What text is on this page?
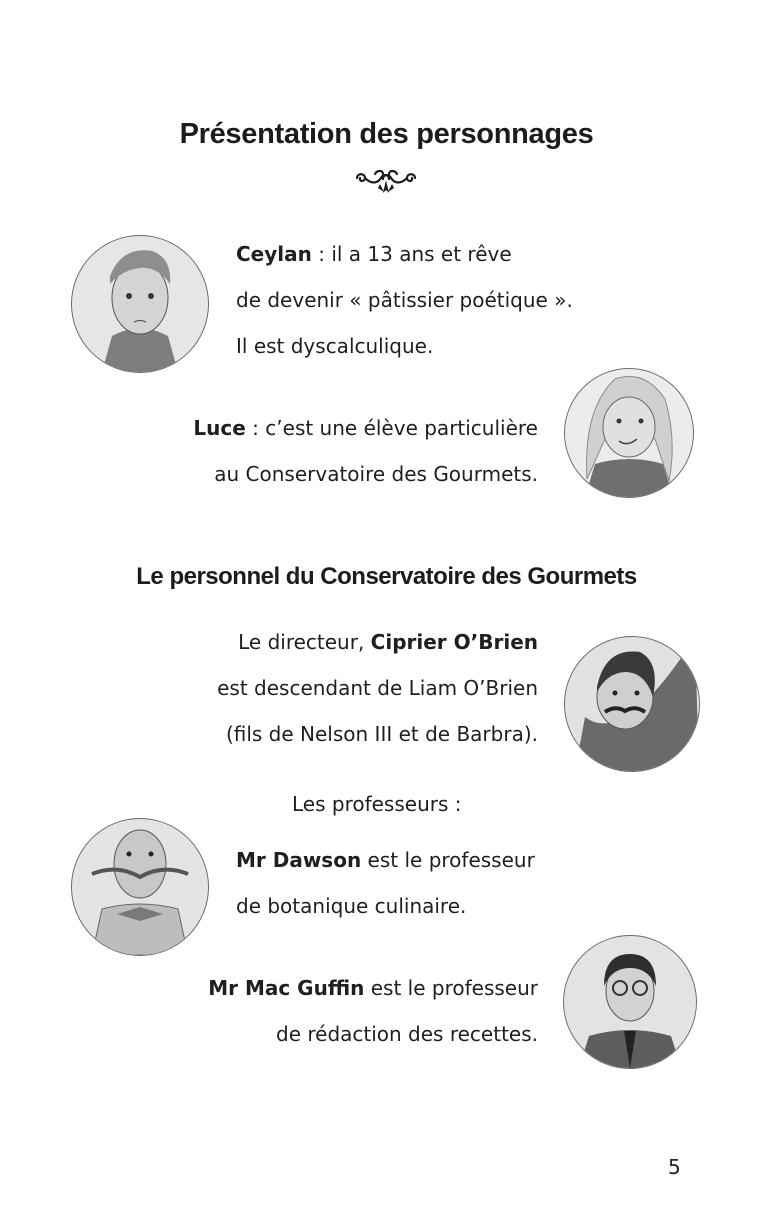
Présentation des personnages
Ceylan : il a 13 ans et rêve
de devenir « pâtissier poétique ».
Il est dyscalculique.
Luce : c’est une élève particulière
au Conservatoire des Gourmets.
Le personnel du Conservatoire des Gourmets
Le directeur, Ciprier O’Brien
est descendant de Liam O’Brien
(fils de Nelson III et de Barbra).
Les professeurs :
Mr Dawson est le professeur
de botanique culinaire.
Mr Mac Guffin est le professeur
de rédaction des recettes.
5
